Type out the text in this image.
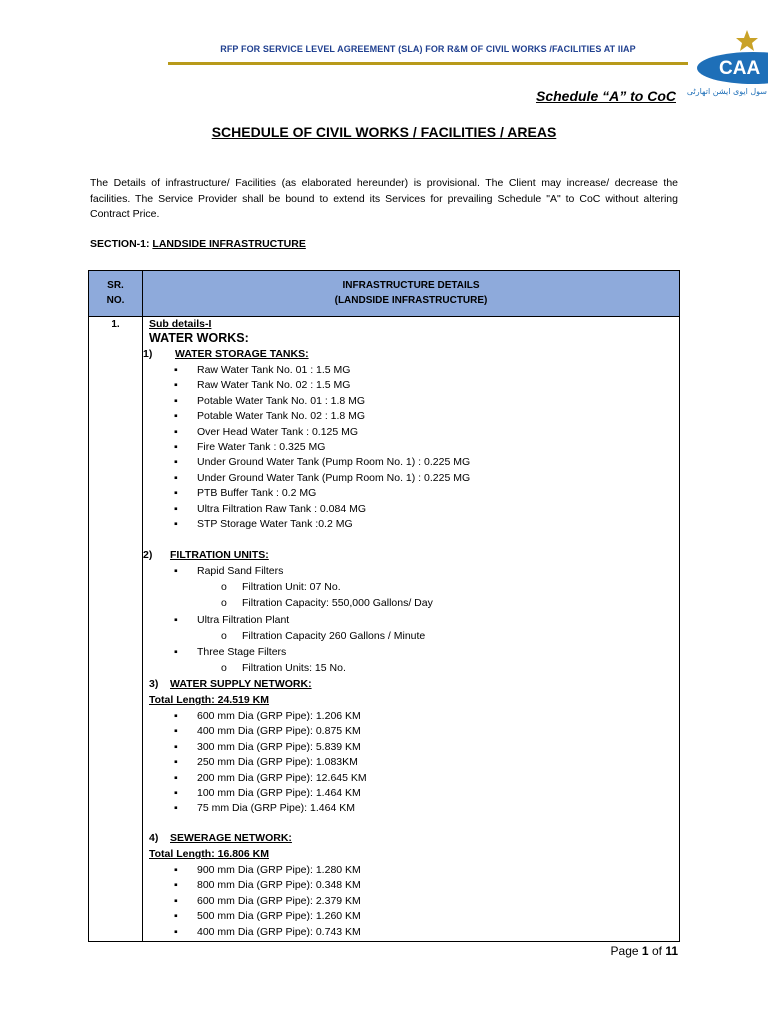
RFP FOR SERVICE LEVEL AGREEMENT (SLA) FOR R&M OF CIVIL WORKS /FACILITIES AT IIAP
CAA
سول ایوی ایشن اتھارٹی
Schedule “A” to CoC
SCHEDULE OF CIVIL WORKS / FACILITIES / AREAS
The Details of infrastructure/ Facilities (as elaborated hereunder) is provisional. The Client may increase/ decrease the facilities. The Service Provider shall be bound to extend its Services for prevailing Schedule "A" to CoC without altering Contract Price.
SECTION-1: LANDSIDE INFRASTRUCTURE
SR.
NO.
INFRASTRUCTURE DETAILS
(LANDSIDE INFRASTRUCTURE)
1.	Sub details-I
WATER WORKS:
1) WATER STORAGE TANKS:
▪ Raw Water Tank No. 01 : 1.5 MG
▪ Raw Water Tank No. 02 : 1.5 MG
▪ Potable Water Tank No. 01 : 1.8 MG
▪ Potable Water Tank No. 02 : 1.8 MG
▪ Over Head Water Tank : 0.125 MG
▪ Fire Water Tank : 0.325 MG
▪ Under Ground Water Tank (Pump Room No. 1) : 0.225 MG
▪ Under Ground Water Tank (Pump Room No. 1) : 0.225 MG
▪ PTB Buffer Tank : 0.2 MG
▪ Ultra Filtration Raw Tank : 0.084 MG
▪ STP Storage Water Tank :0.2 MG
2) FILTRATION UNITS:
▪ Rapid Sand Filters
o Filtration Unit: 07 No.
o Filtration Capacity: 550,000 Gallons/ Day
▪ Ultra Filtration Plant
o Filtration Capacity 260 Gallons / Minute
▪ Three Stage Filters
o Filtration Units: 15 No.
3) WATER SUPPLY NETWORK:
Total Length: 24.519 KM
▪ 600 mm Dia (GRP Pipe): 1.206 KM
▪ 400 mm Dia (GRP Pipe): 0.875 KM
▪ 300 mm Dia (GRP Pipe): 5.839 KM
▪ 250 mm Dia (GRP Pipe): 1.083KM
▪ 200 mm Dia (GRP Pipe): 12.645 KM
▪ 100 mm Dia (GRP Pipe): 1.464 KM
▪ 75 mm Dia (GRP Pipe): 1.464 KM
4) SEWERAGE NETWORK:
Total Length: 16.806 KM
▪ 900 mm Dia (GRP Pipe): 1.280 KM
▪ 800 mm Dia (GRP Pipe): 0.348 KM
▪ 600 mm Dia (GRP Pipe): 2.379 KM
▪ 500 mm Dia (GRP Pipe): 1.260 KM
▪ 400 mm Dia (GRP Pipe): 0.743 KM
Page 1 of 11
